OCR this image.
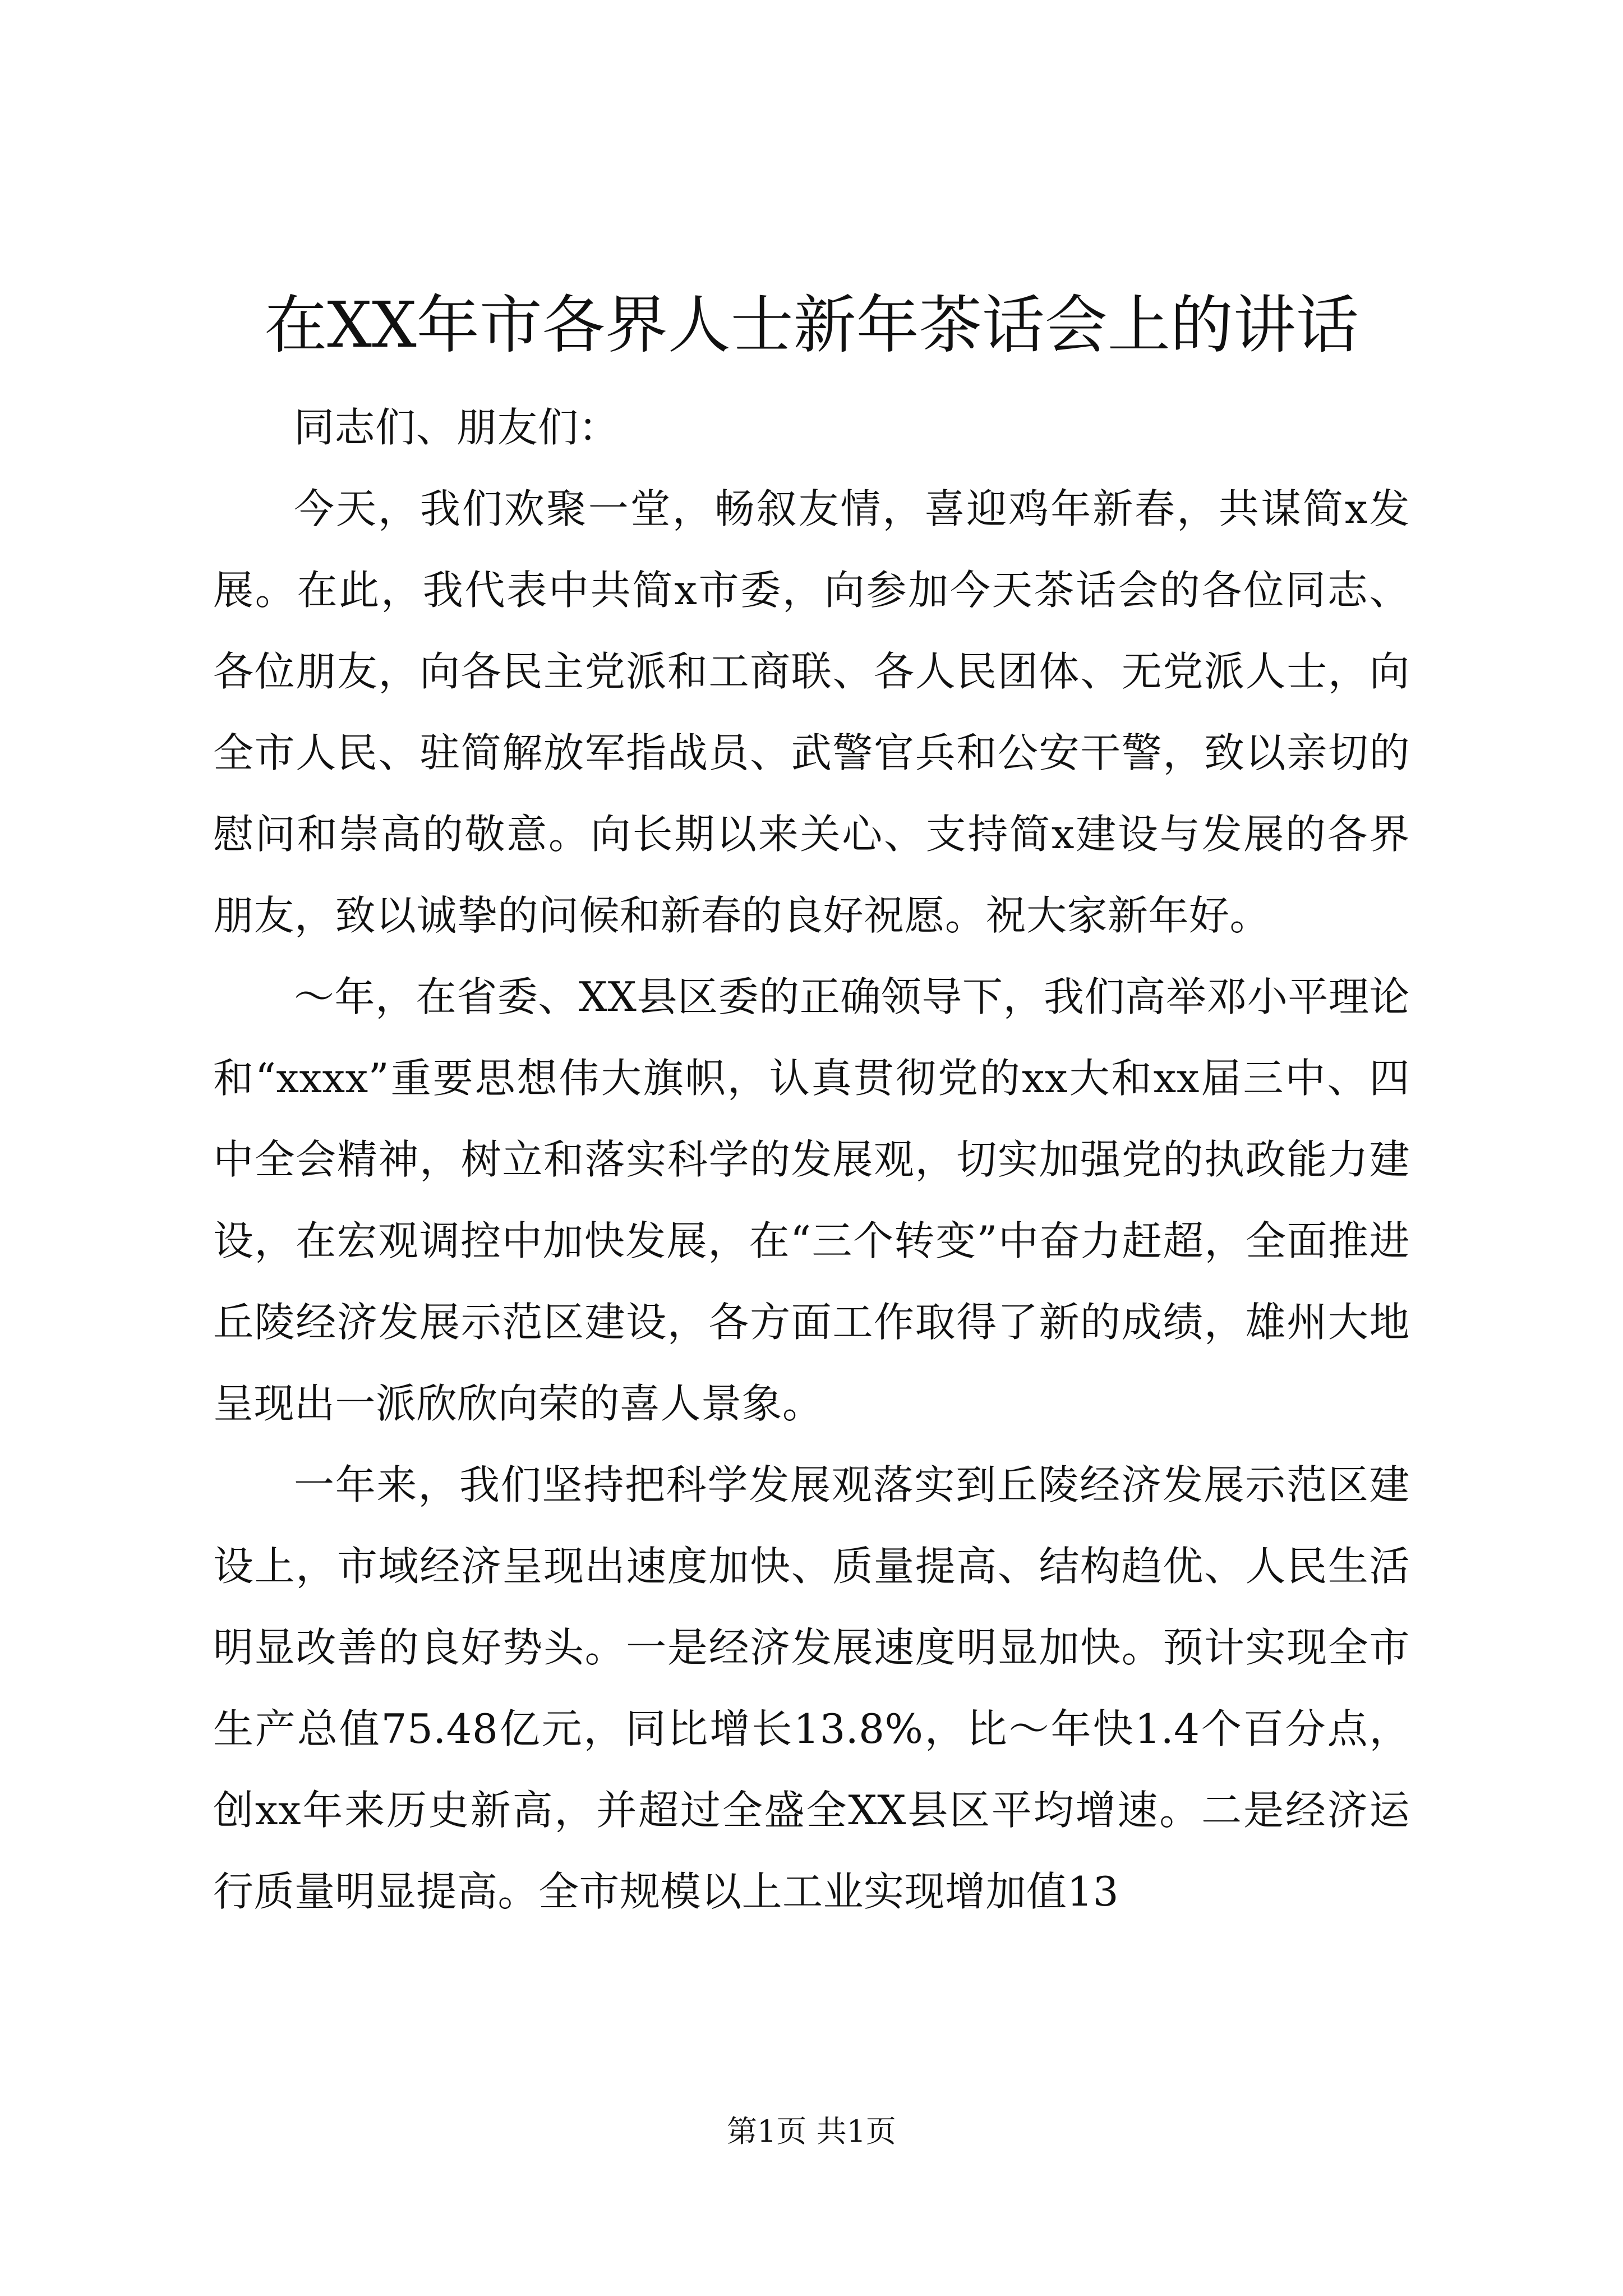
在XX年市各界人士新年茶话会上的讲话

同志们、朋友们：

今天，我们欢聚一堂，畅叙友情，喜迎鸡年新春，共谋简x发展。在此，我代表中共简x市委，向参加今天茶话会的各位同志、各位朋友，向各民主党派和工商联、各人民团体、无党派人士，向全市人民、驻简解放军指战员、武警官兵和公安干警，致以亲切的慰问和崇高的敬意。向长期以来关心、支持简x建设与发展的各界朋友，致以诚挚的问候和新春的良好祝愿。祝大家新年好。

～年，在省委、XX县区委的正确领导下，我们高举邓小平理论和“xxxx”重要思想伟大旗帜，认真贯彻党的xx大和xx届三中、四中全会精神，树立和落实科学的发展观，切实加强党的执政能力建设，在宏观调控中加快发展，在“三个转变”中奋力赶超，全面推进丘陵经济发展示范区建设，各方面工作取得了新的成绩，雄州大地呈现出一派欣欣向荣的喜人景象。

一年来，我们坚持把科学发展观落实到丘陵经济发展示范区建设上，市域经济呈现出速度加快、质量提高、结构趋优、人民生活明显改善的良好势头。一是经济发展速度明显加快。预计实现全市生产总值75.48亿元，同比增长13.8%，比～年快1.4个百分点，创xx年来历史新高，并超过全盛全XX县区平均增速。二是经济运行质量明显提高。全市规模以上工业实现增加值13

第1页 共1页
